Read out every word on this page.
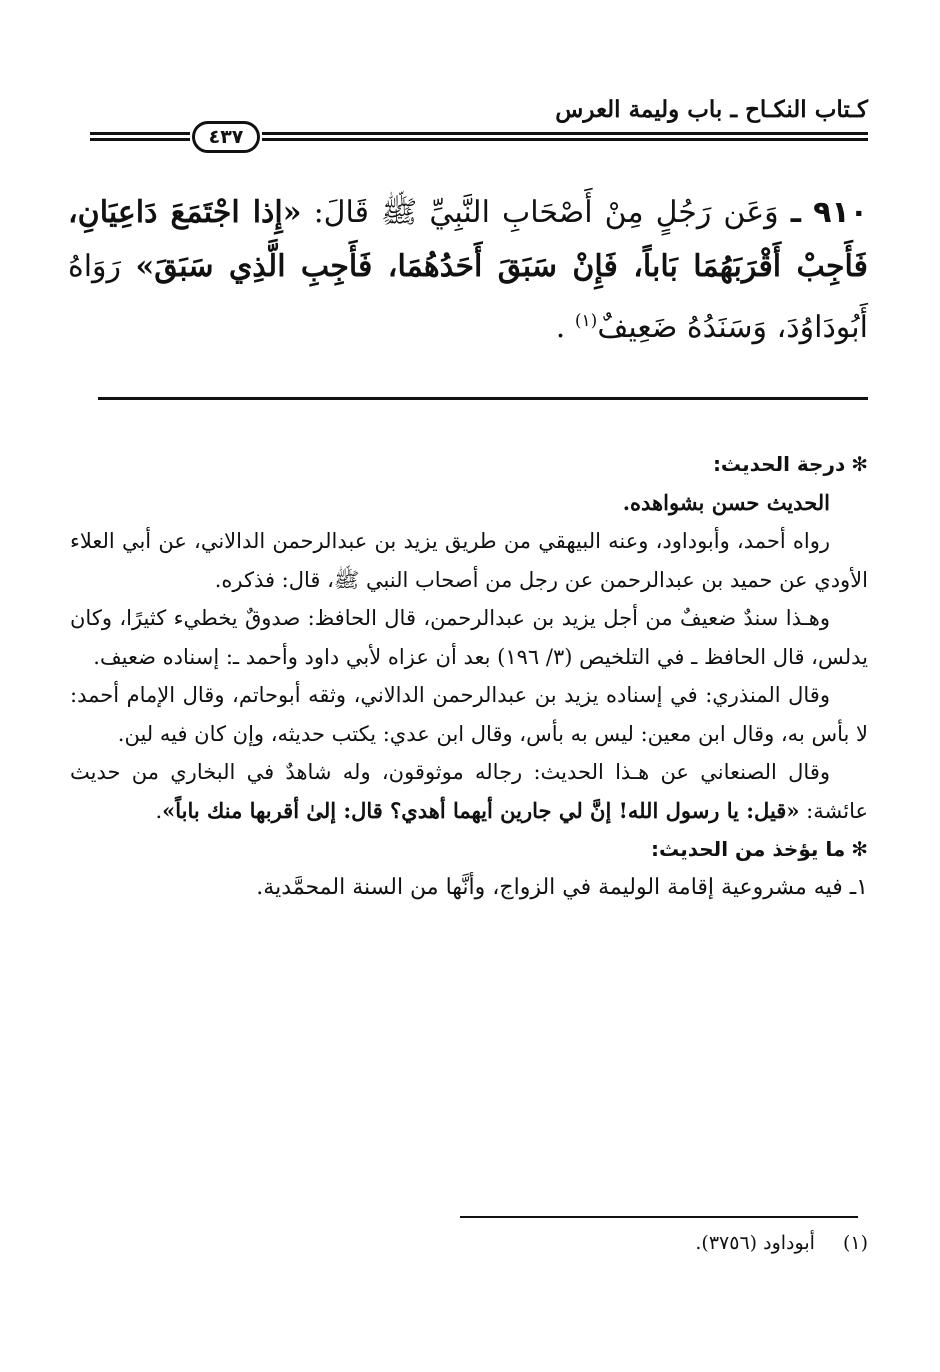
كـتاب النكـاح ـ باب وليمة العرس
٤٣٧
٩١٠ ـ وَعَن رَجُلٍ مِنْ أَصْحَابِ النَّبِيِّ ﷺ قَالَ: «إِذا اجْتَمَعَ دَاعِيَانِ، فَأَجِبْ أَقْرَبَهُمَا بَاباً، فَإِنْ سَبَقَ أَحَدُهُمَا، فَأَجِبِ الَّذِي سَبَقَ» رَوَاهُ أَبُودَاوُدَ، وَسَنَدُهُ ضَعِيفٌ$^{(١)}$ .

✻درجة الحديث:

الحديث حسن بشواهده.

رواه أحمد، وأبوداود، وعنه البيهقي من طريق يزيد بن عبدالرحمن الدالاني، عن أبي العلاء الأودي عن حميد بن عبدالرحمن عن رجل من أصحاب النبي ﷺ، قال: فذكره.

وهـذا سندٌ ضعيفٌ من أجل يزيد بن عبدالرحمن، قال الحافظ: صدوقٌ يخطيء كثيرًا، وكان يدلس، قال الحافظ ـ في التلخيص (٣/ ١٩٦) بعد أن عزاه لأبي داود وأحمد ـ: إسناده ضعيف.

وقال المنذري: في إسناده يزيد بن عبدالرحمن الدالاني، وثقه أبوحاتم، وقال الإمام أحمد: لا بأس به، وقال ابن معين: ليس به بأس، وقال ابن عدي: يكتب حديثه، وإن كان فيه لين.

وقال الصنعاني عن هـذا الحديث: رجاله موثوقون، وله شاهدٌ في البخاري من حديث عائشة: «قيل: يا رسول الله! إنَّ لي جارين أيهما أهدي؟ قال: إلىٰ أقربها منك باباً».

✻ما يؤخذ من الحديث:

١ـ فيه مشروعية إقامة الوليمة في الزواج، وأنَّها من السنة المحمَّدية.

(١) أبوداود (٣٧٥٦).
